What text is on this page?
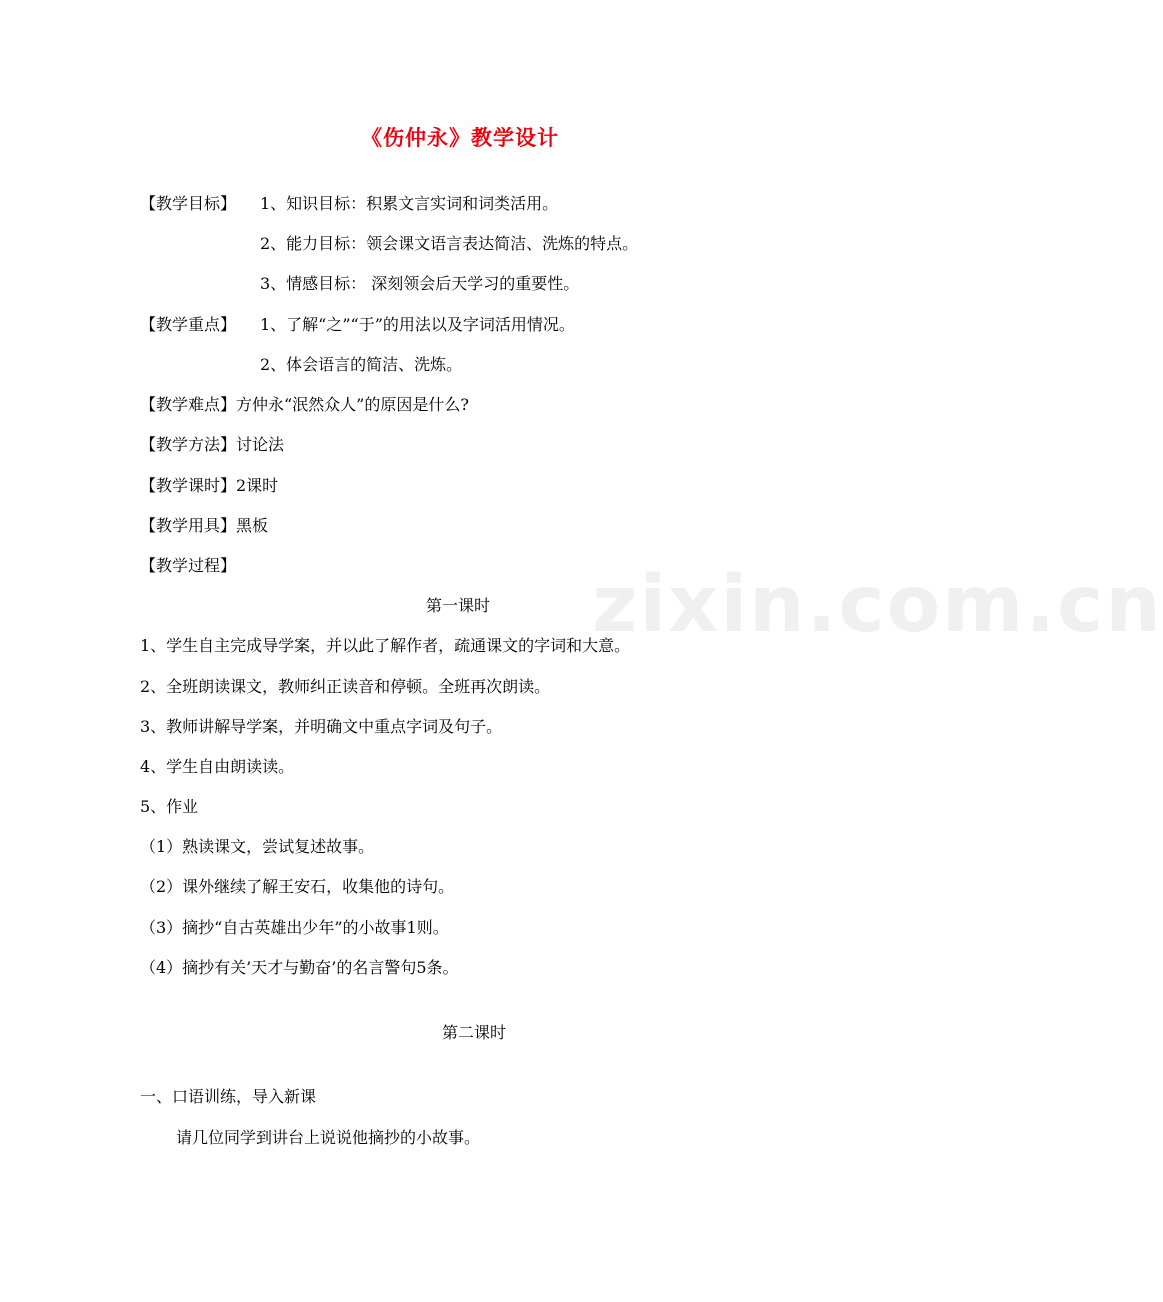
《伤仲永》教学设计
【教学目标】 1、知识目标：积累文言实词和词类活用。
2、能力目标：领会课文语言表达简洁、洗炼的特点。
3、情感目标： 深刻领会后天学习的重要性。
【教学重点】 1、了解“之”“于”的用法以及字词活用情况。
2、体会语言的简洁、洗炼。
【教学难点】方仲永“泯然众人”的原因是什么?
【教学方法】讨论法
【教学课时】2课时
【教学用具】黑板
【教学过程】
第一课时
1、学生自主完成导学案，并以此了解作者，疏通课文的字词和大意。
2、全班朗读课文，教师纠正读音和停顿。全班再次朗读。
3、教师讲解导学案，并明确文中重点字词及句子。
4、学生自由朗读读。
5、作业
（1）熟读课文，尝试复述故事。
（2）课外继续了解王安石，收集他的诗句。
（3）摘抄“自古英雄出少年”的小故事1则。
（4）摘抄有关’天才与勤奋’的名言警句5条。
第二课时
一、口语训练，导入新课
请几位同学到讲台上说说他摘抄的小故事。
zixin.com.cn
